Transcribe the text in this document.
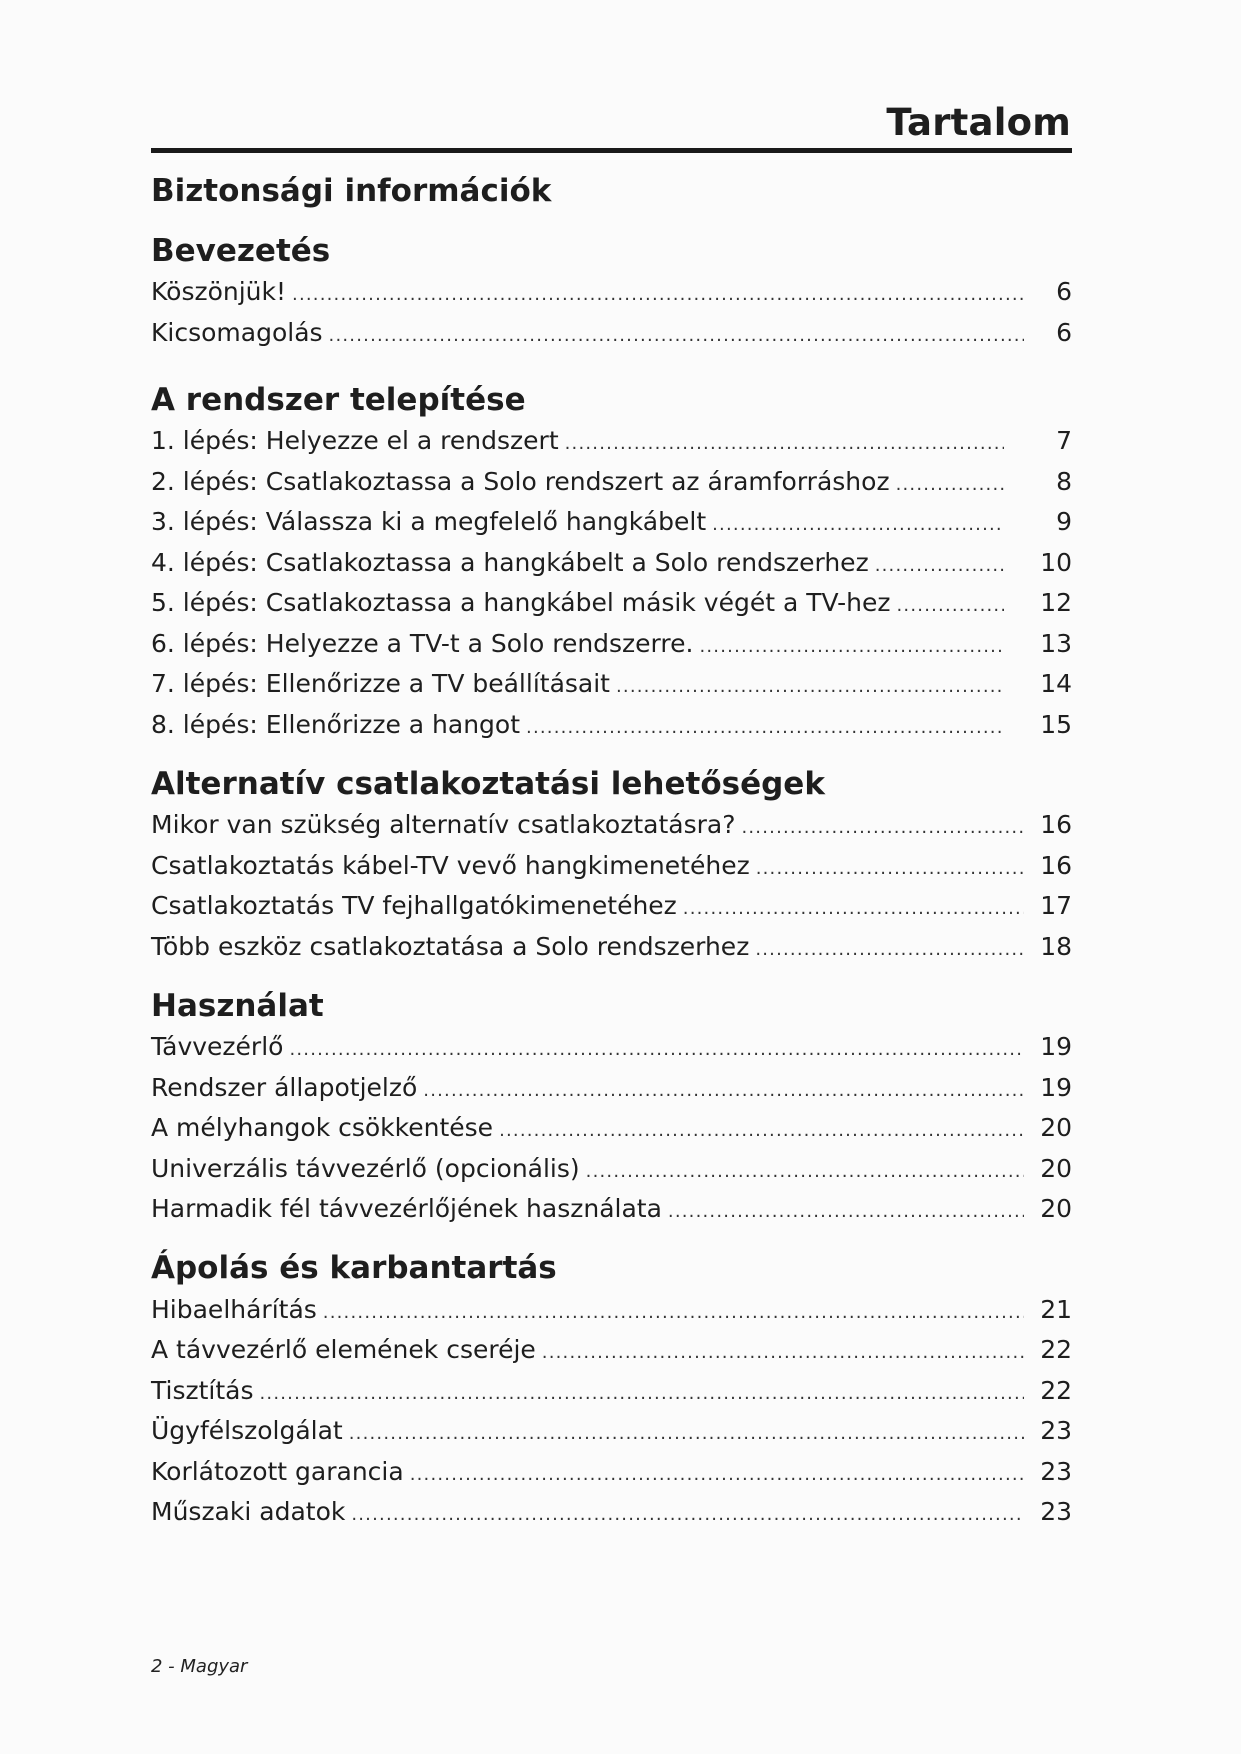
Tartalom
Biztonsági információk
Bevezetés
Köszönjük! .....	6
Kicsomagolás .....	6
A rendszer telepítése
1. lépés: Helyezze el a rendszert .....	7
2. lépés: Csatlakoztassa a Solo rendszert az áramforráshoz .....	8
3. lépés: Válassza ki a megfelelő hangkábelt .....	9
4. lépés: Csatlakoztassa a hangkábelt a Solo rendszerhez .....	10
5. lépés: Csatlakoztassa a hangkábel másik végét a TV-hez .....	12
6. lépés: Helyezze a TV-t a Solo rendszerre. .....	13
7. lépés: Ellenőrizze a TV beállításait .....	14
8. lépés: Ellenőrizze a hangot .....	15
Alternatív csatlakoztatási lehetőségek
Mikor van szükség alternatív csatlakoztatásra? .....	16
Csatlakoztatás kábel-TV vevő hangkimenetéhez .....	16
Csatlakoztatás TV fejhallgatókimenetéhez .....	17
Több eszköz csatlakoztatása a Solo rendszerhez .....	18
Használat
Távvezérlő .....	19
Rendszer állapotjelző .....	19
A mélyhangok csökkentése .....	20
Univerzális távvezérlő (opcionális) .....	20
Harmadik fél távvezérlőjének használata .....	20
Ápolás és karbantartás
Hibaelhárítás .....	21
A távvezérlő elemének cseréje .....	22
Tisztítás .....	22
Ügyfélszolgálat .....	23
Korlátozott garancia .....	23
Műszaki adatok .....	23
2 - Magyar
